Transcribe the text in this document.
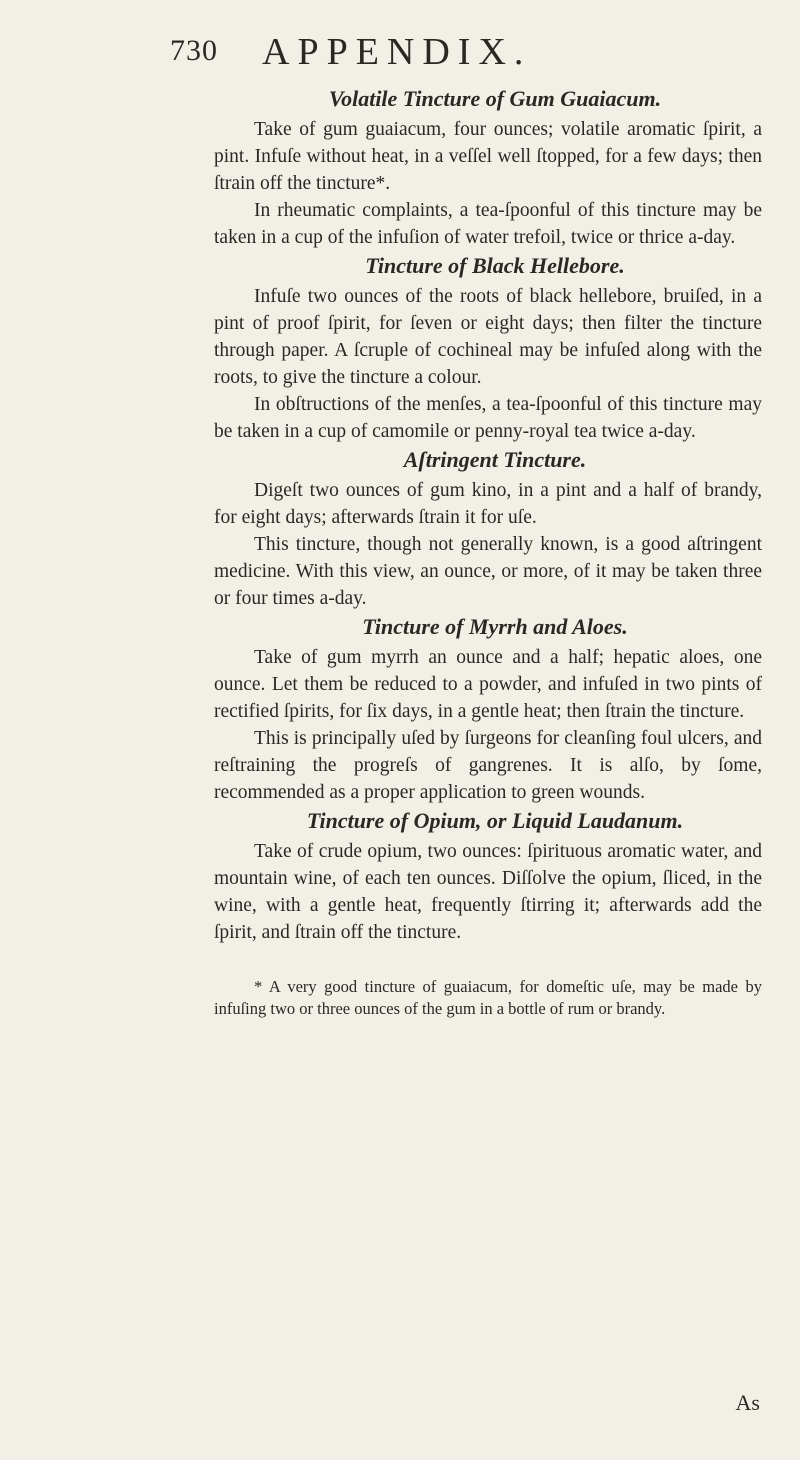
730 APPENDIX.
Volatile Tincture of Gum Guaiacum.

Take of gum guaiacum, four ounces; volatile aromatic ſpirit, a pint. Infuſe without heat, in a veſſel well ſtopped, for a few days; then ſtrain off the tincture*.

In rheumatic complaints, a tea-ſpoonful of this tincture may be taken in a cup of the infuſion of water trefoil, twice or thrice a-day.

Tincture of Black Hellebore.

Infuſe two ounces of the roots of black hellebore, bruiſed, in a pint of proof ſpirit, for ſeven or eight days; then filter the tincture through paper. A ſcruple of cochineal may be infuſed along with the roots, to give the tincture a colour.

In obſtructions of the menſes, a tea-ſpoonful of this tincture may be taken in a cup of camomile or penny-royal tea twice a-day.

Aſtringent Tincture.

Digeſt two ounces of gum kino, in a pint and a half of brandy, for eight days; afterwards ſtrain it for uſe.

This tincture, though not generally known, is a good aſtringent medicine. With this view, an ounce, or more, of it may be taken three or four times a-day.

Tincture of Myrrh and Aloes.

Take of gum myrrh an ounce and a half; hepatic aloes, one ounce. Let them be reduced to a powder, and infuſed in two pints of rectified ſpirits, for ſix days, in a gentle heat; then ſtrain the tincture.

This is principally uſed by ſurgeons for cleanſing foul ulcers, and reſtraining the progreſs of gangrenes. It is alſo, by ſome, recommended as a proper application to green wounds.

Tincture of Opium, or Liquid Laudanum.

Take of crude opium, two ounces: ſpirituous aromatic water, and mountain wine, of each ten ounces. Diſſolve the opium, ſliced, in the wine, with a gentle heat, frequently ſtirring it; afterwards add the ſpirit, and ſtrain off the tincture.

* A very good tincture of guaiacum, for domeſtic uſe, may be made by infuſing two or three ounces of the gum in a bottle of rum or brandy.

As
